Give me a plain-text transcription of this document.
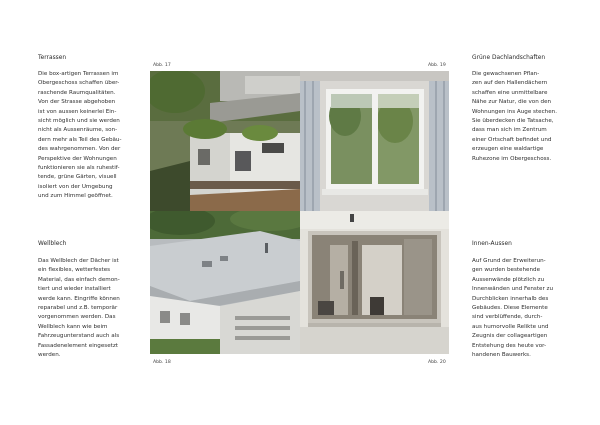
Terrassen
Die box-artigen Terrassen im
Obergeschoss schaffen über-
raschende Raumqualitäten.
Von der Strasse abgehoben
ist von aussen keinerlei Ein-
sicht möglich und sie werden
nicht als Aussenräume, son-
dern mehr als Teil des Gebäu-
des wahrgenommen. Von der
Perspektive der Wohnungen
funktionieren sie als ruhestif-
tende, grüne Gärten, visuell
isoliert von der Umgebung
und zum Himmel geöffnet.
Wellblech
Das Wellblech der Dächer ist
ein flexibles, wetterfestes
Material, das einfach demon-
tiert und wieder installiert
werde kann. Eingriffe können
reparabel und z.B. temporär
vorgenommen werden. Das
Wellblech kann wie beim
Fahrzeugunterstand auch als
Fassadenelement eingesetzt
werden.
Grüne Dachlandschaften
Die gewachsenen Pflan-
zen auf den Hallendächern
schaffen eine unmittelbare
Nähe zur Natur, die von den
Wohnungen ins Auge stechen.
Sie überdecken die Tatsache,
dass man sich im Zentrum
einer Ortschaft befindet und
erzeugen eine waldartige
Ruhezone im Obergeschoss.
Innen-Aussen
Auf Grund der Erweiterun-
gen wurden bestehende
Aussenwände plötzlich zu
Innenwänden und Fenster zu
Durchblicken innerhalb des
Gebäudes. Diese Elemente
sind verblüffende, durch-
aus humorvolle Relikte und
Zeugnis der collageartigen
Entstehung des heute vor-
handenen Bauwerks.
Abb. 17	Abb. 19
Abb. 18	Abb. 20
